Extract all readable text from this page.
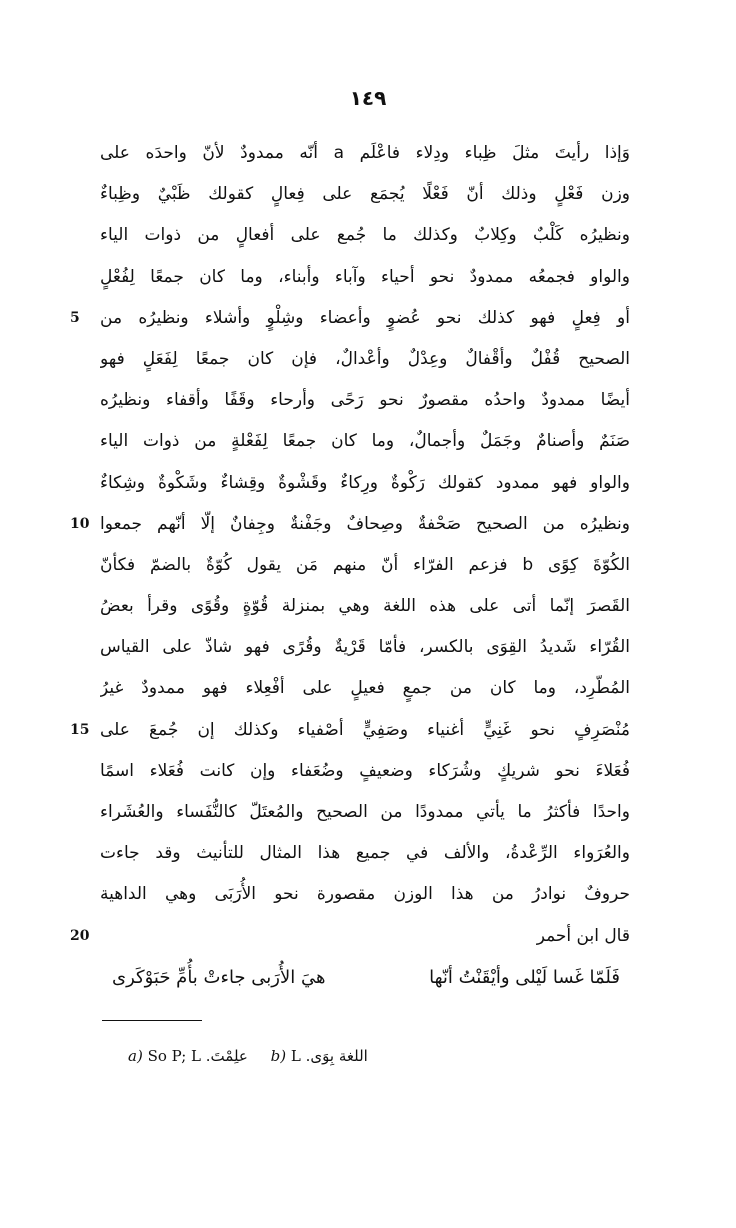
١٤٩
5
10
15
20
وَإذا رأيتَ مثلَ ظِباء ودِلاء فاعْلَم a أنّه ممدودٌ لأنّ واحدَه على
وزن فَعْلٍ وذلك أنّ فَعْلًا يُجمَع على فِعالٍ كقولك ظَبْيٌ وظِباءٌ
ونظيرُه كَلْبٌ وكِلابٌ وكذلك ما جُمع على أفعالٍ من ذوات الياء
والواو فجمعُه ممدودٌ نحو أحياء وآباء وأبناء، وما كان جمعًا لِفُعْلٍ
أو فِعلٍ فهو كذلك نحو عُضوٍ وأعضاء وشِلْوٍ وأشلاء ونظيرُه من
الصحيح قُفْلٌ وأقْفالٌ وعِدْلٌ وأعْدالٌ، فإن كان جمعًا لِفَعَلٍ فهو
أيضًا ممدودٌ واحدُه مقصورٌ نحو رَحًى وأرحاء وقَفًا وأقفاء ونظيرُه
صَنَمٌ وأصنامٌ وجَمَلٌ وأجمالٌ، وما كان جمعًا لِفَعْلةٍ من ذوات الياء
والواو فهو ممدود كقولك رَكْوةٌ ورِكاءٌ وقَشْوةٌ وقِشاءٌ وشَكْوةٌ وشِكاءٌ
ونظيرُه من الصحيح صَحْفةٌ وصِحافٌ وجَفْنةٌ وجِفانٌ إلّا أنّهم جمعوا
الكُوّةَ كِوًى b فزعم الفرّاء أنّ منهم مَن يقول كُوّةٌ بالضمّ فكأنّ
القَصرَ إنّما أتى على هذه اللغة وهي بمنزلة قُوّةٍ وقُوًى وقرأ بعضُ
القُرّاء شَديدُ القِوَى بالكسر، فأمّا قَرْيةٌ وقُرًى فهو شاذّ على القياس
المُطّرِد، وما كان من جمعٍ فعيلٍ على أفْعِلاء فهو ممدودٌ غيرُ
مُنْصَرِفٍ نحو غَنِيٍّ أغنياء وصَفِيٍّ أصْفياء وكذلك إن جُمعَ على
فُعَلاءَ نحو شريكٍ وشُرَكاء وضعيفٍ وضُعَفاء وإن كانت فُعَلاء اسمًا
واحدًا فأكثرُ ما يأتي ممدودًا من الصحيح والمُعتَلّ كالنُّفَساء والعُشَراء
والعُرَواء الرِّعْدةُ، والألف في جميع هذا المثال للتأنيث وقد جاءت
حروفٌ نوادرُ من هذا الوزن مقصورة نحو الأُرَبَى وهي الداهية
قال ابن أحمر
فَلَمّا غَسا لَيْلى وأيْقَنْتُ أنّها
هيَ الأُرَبى جاءتْ بأُمِّ حَبَوْكَرى
a) So P; L علِمْتَ. b) L اللغة بِوَى.
